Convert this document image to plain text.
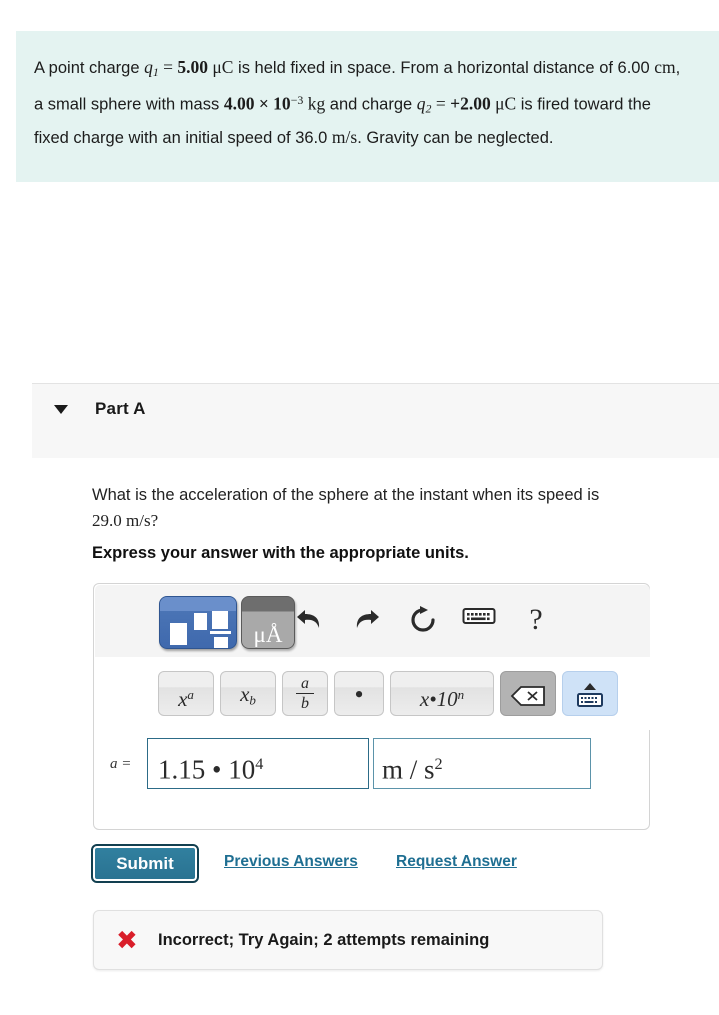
A point charge $q_1 = 5.00$ μC is held fixed in space. From a horizontal distance of 6.00 cm, a small sphere with mass $4.00 \times 10^{-3}$ kg and charge $q_2 = +2.00$ μC is fired toward the fixed charge with an initial speed of 36.0 m/s. Gravity can be neglected.
Part A
What is the acceleration of the sphere at the instant when its speed is
29.0 m/s?
Express your answer with the appropriate units.
μÅ	?
$x^a$	$x_b$
a
b	•	x•10$^n$
a = 1.15 • $10^4$	m / $s^2$
Submit	Previous Answers Request Answer
✖ Incorrect; Try Again; 2 attempts remaining
